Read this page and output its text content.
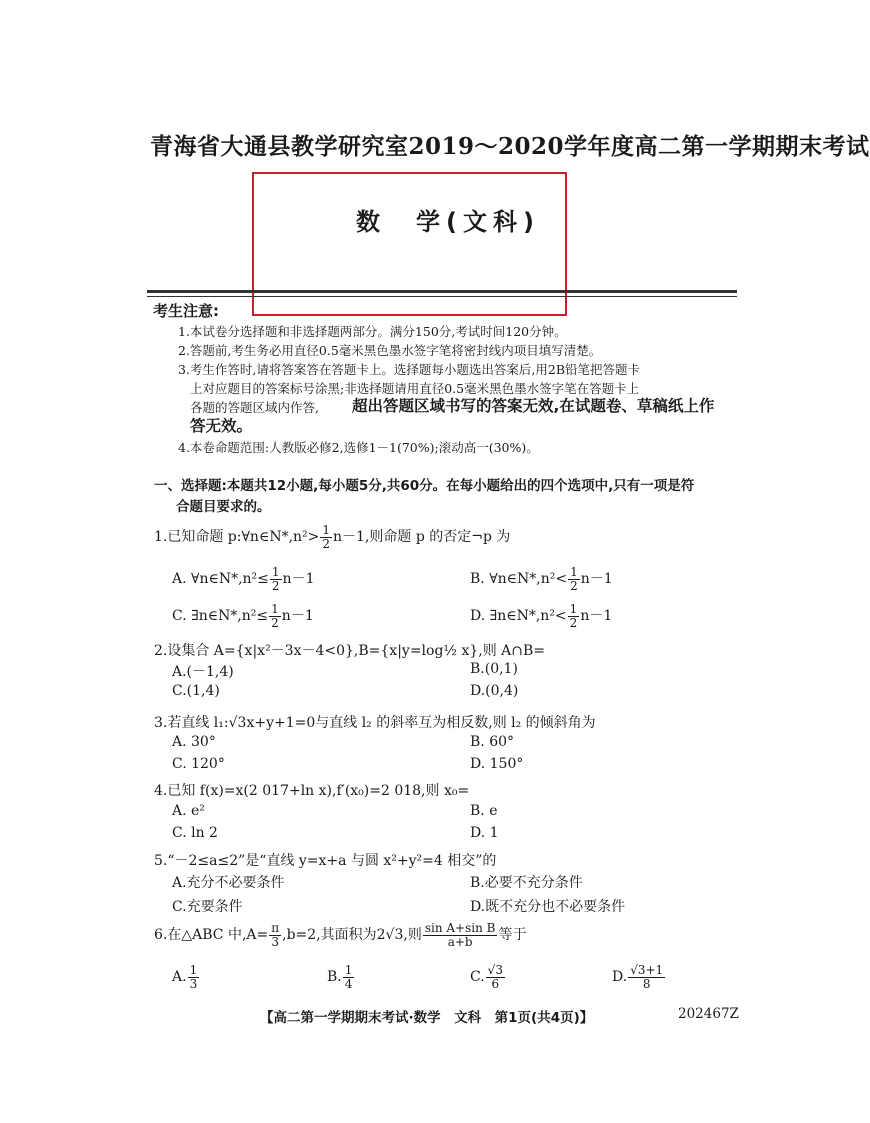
青海省大通县教学研究室2019～2020学年度高二第一学期期末考试
数　学(文科)
考生注意:
1.本试卷分选择题和非选择题两部分。满分150分,考试时间120分钟。
2.答题前,考生务必用直径0.5毫米黑色墨水签字笔将密封线内项目填写清楚。
3.考生作答时,请将答案答在答题卡上。选择题每小题选出答案后,用2B铅笔把答题卡
上对应题目的答案标号涂黑;非选择题请用直径0.5毫米黑色墨水签字笔在答题卡上
各题的答题区域内作答, 超出答题区域书写的答案无效,在试题卷、草稿纸上作
答无效。
4.本卷命题范围:人教版必修2,选修1－1(70%);滚动高一(30%)。
一、选择题:本题共12小题,每小题5分,共60分。在每小题给出的四个选项中,只有一项是符
合题目要求的。
1.已知命题 p:∀n∈N*,n²> $\frac{1}{2} n-1$,则命题 p 的否定¬p 为
A. ∀n∈N*,n²≤ $\frac{1}{2} n-1$	B. ∀n∈N*,n²< $\frac{1}{2} n-1$
C. ∃n∈N*,n²≤ $\frac{1}{2} n-1$	D. ∃n∈N*,n²< $\frac{1}{2} n-1$
2.设集合 A={x|x²－3x－4<0},B={x|y=log½ x},则 A∩B=
A.(－1,4)	B.(0,1)
C.(1,4)	D.(0,4)
3.若直线 l₁:√3x+y+1=0与直线 l₂ 的斜率互为相反数,则 l₂ 的倾斜角为
A. 30°	B. 60°
C. 120°	D. 150°
4.已知 f(x)=x(2 017+ln x),f′(x₀)=2 018,则 x₀=
A. e²	B. e
C. ln 2	D. 1
5.“－2≤a≤2”是“直线 y=x+a 与圆 x²+y²=4 相交”的
A.充分不必要条件	B.必要不充分条件
C.充要条件	D.既不充分也不必要条件
6.在△ABC 中$,A= \frac{\pi}{3} ,b=2$,其面积为2√3,则 $\frac{\text{sin A+sin B}}{a+b}$ 等于
A. $\frac{1}{3}$	B. $\frac{1}{4}$	C. $\frac{√3}{6}$	D. $\frac{√3+1}{8}$
【高二第一学期期末考试·数学　文科　第1页(共4页)】	202467Z
